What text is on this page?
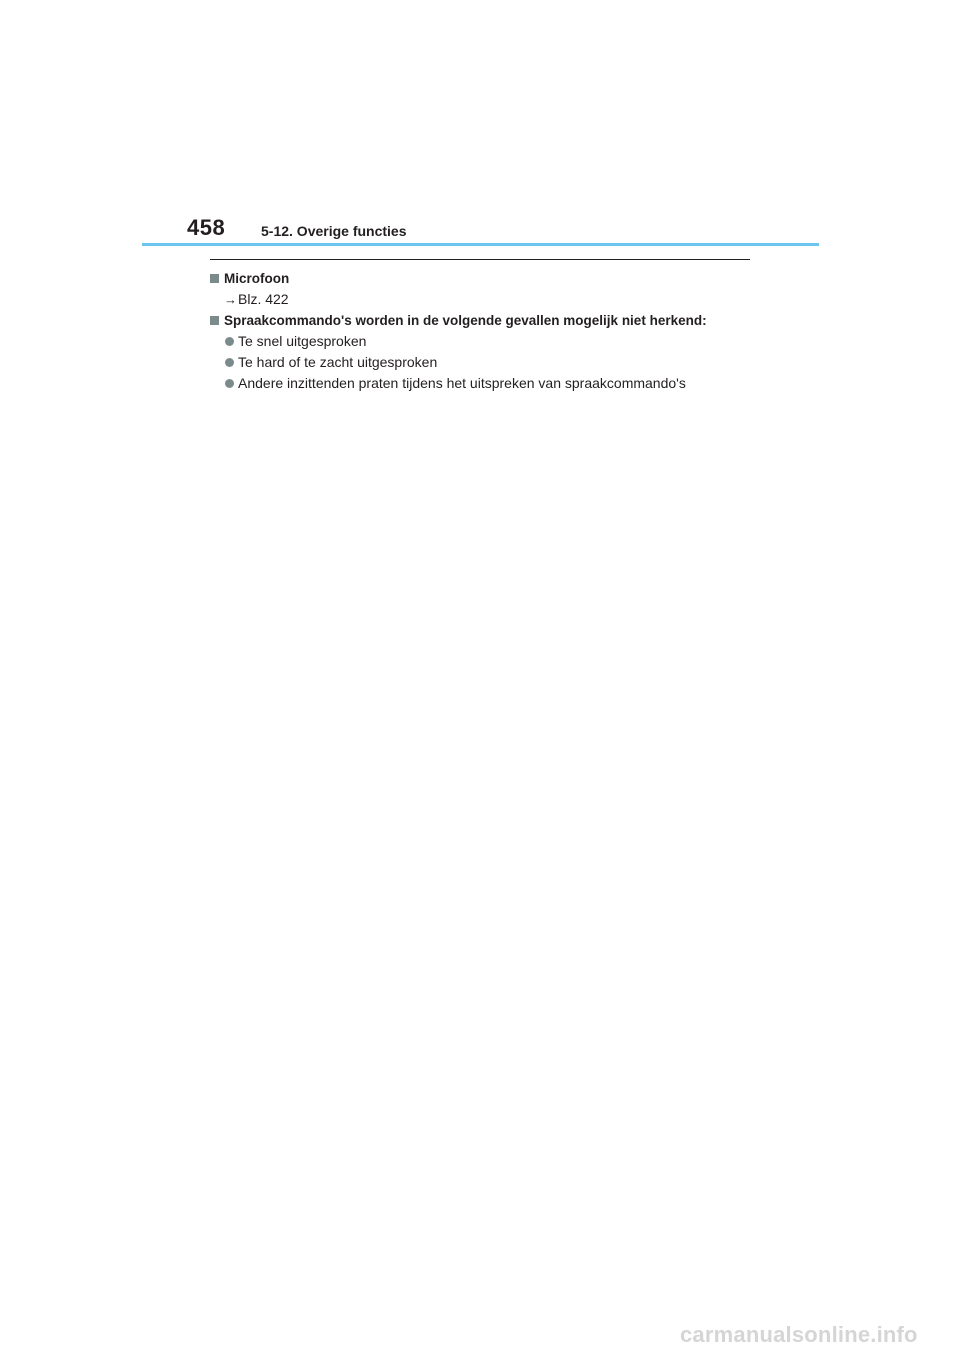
458	5-12. Overige functies
Microfoon
→ Blz. 422
Spraakcommando's worden in de volgende gevallen mogelijk niet herkend:
Te snel uitgesproken
Te hard of te zacht uitgesproken
Andere inzittenden praten tijdens het uitspreken van spraakcommando's
carmanualsonline.info
